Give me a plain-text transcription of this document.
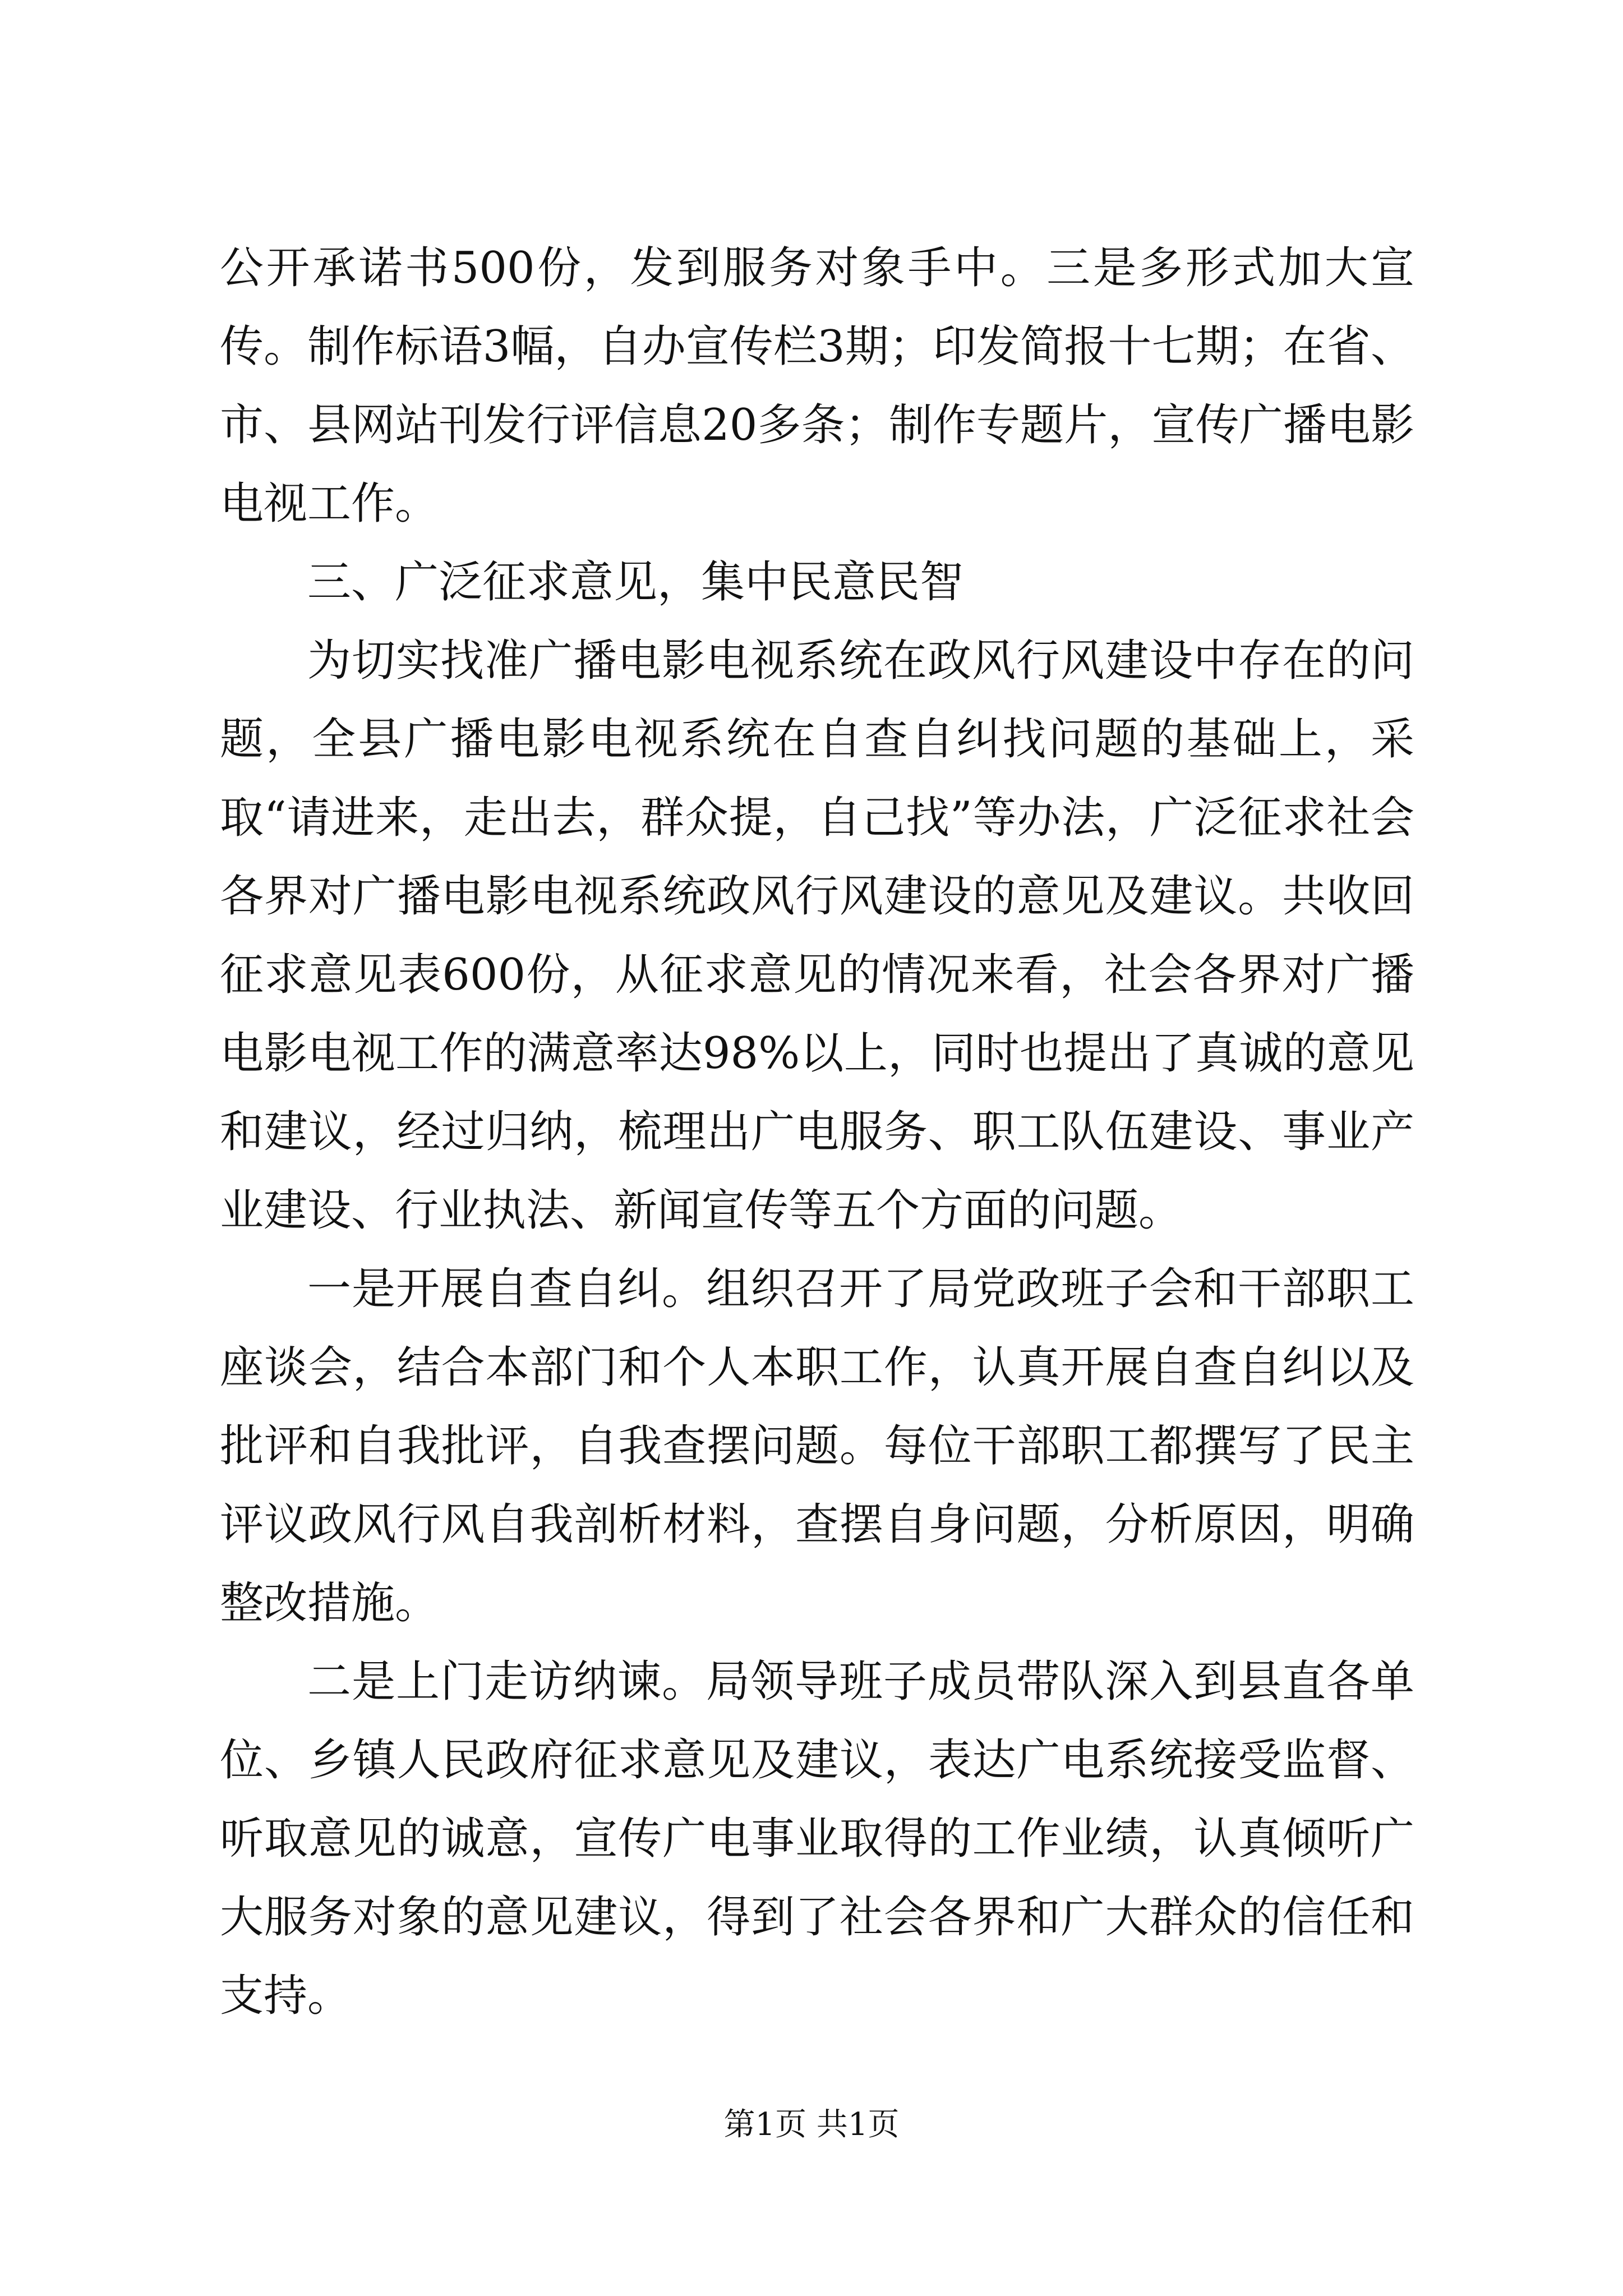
公开承诺书500份，发到服务对象手中。三是多形式加大宣传。制作标语3幅，自办宣传栏3期；印发简报十七期；在省、市、县网站刊发行评信息20多条；制作专题片，宣传广播电影电视工作。

三、广泛征求意见，集中民意民智

为切实找准广播电影电视系统在政风行风建设中存在的问题，全县广播电影电视系统在自查自纠找问题的基础上，采取“请进来，走出去，群众提，自己找”等办法，广泛征求社会各界对广播电影电视系统政风行风建设的意见及建议。共收回征求意见表600份，从征求意见的情况来看，社会各界对广播电影电视工作的满意率达98%以上，同时也提出了真诚的意见和建议，经过归纳，梳理出广电服务、职工队伍建设、事业产业建设、行业执法、新闻宣传等五个方面的问题。

一是开展自查自纠。组织召开了局党政班子会和干部职工座谈会，结合本部门和个人本职工作，认真开展自查自纠以及批评和自我批评，自我查摆问题。每位干部职工都撰写了民主评议政风行风自我剖析材料，查摆自身问题，分析原因，明确整改措施。

二是上门走访纳谏。局领导班子成员带队深入到县直各单位、乡镇人民政府征求意见及建议，表达广电系统接受监督、听取意见的诚意，宣传广电事业取得的工作业绩，认真倾听广大服务对象的意见建议，得到了社会各界和广大群众的信任和支持。

第1页 共1页
